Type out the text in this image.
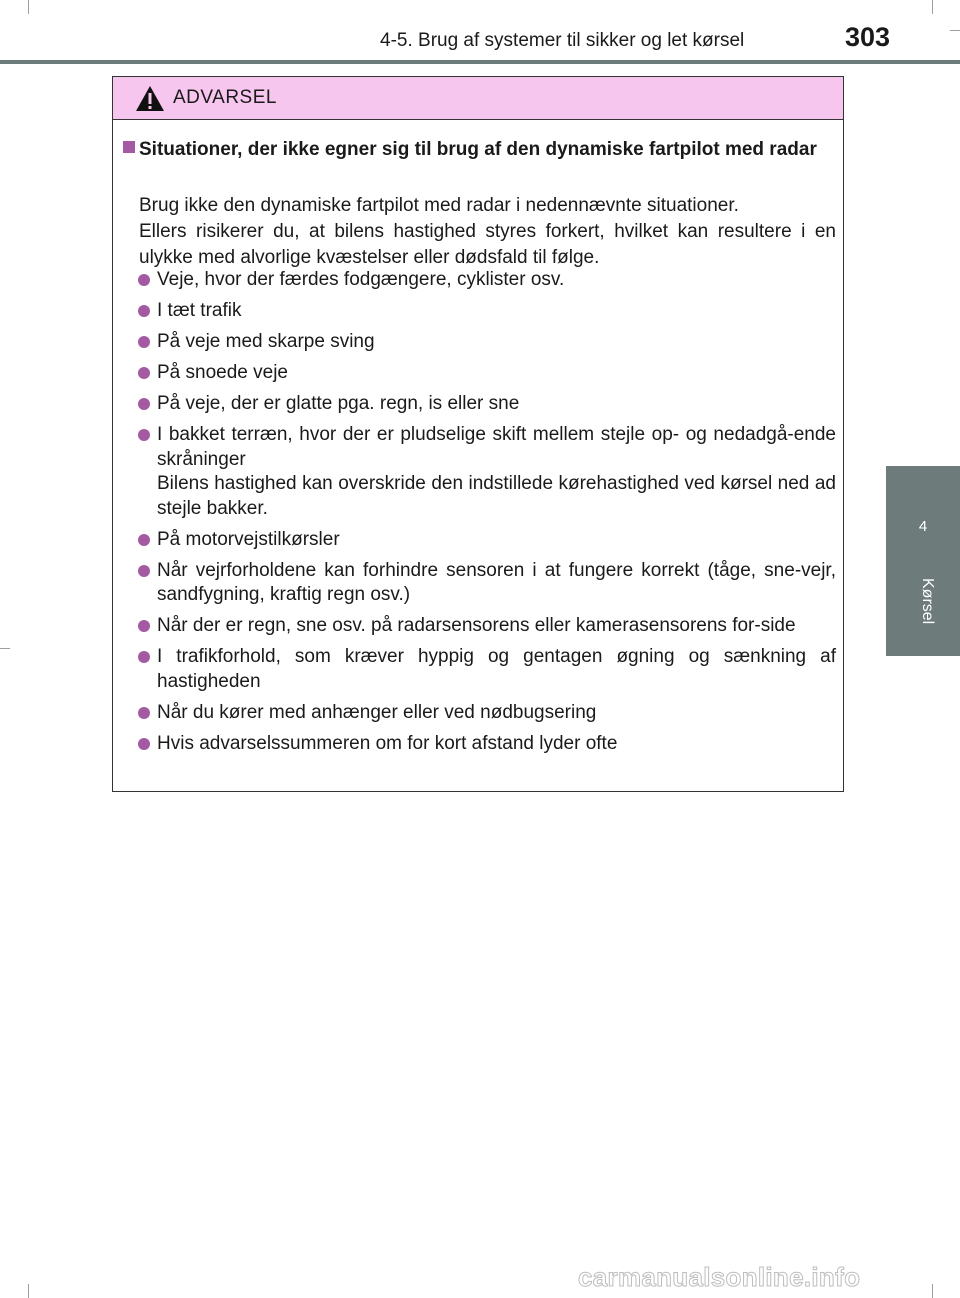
4-5. Brug af systemer til sikker og let kørsel	303
4
Kørsel
ADVARSEL
Situationer, der ikke egner sig til brug af den dynamiske fartpilot med radar
Brug ikke den dynamiske fartpilot med radar i nedennævnte situationer.
Ellers risikerer du, at bilens hastighed styres forkert, hvilket kan resultere i en ulykke med alvorlige kvæstelser eller dødsfald til følge.
Veje, hvor der færdes fodgængere, cyklister osv.
I tæt trafik
På veje med skarpe sving
På snoede veje
På veje, der er glatte pga. regn, is eller sne
I bakket terræn, hvor der er pludselige skift mellem stejle op- og nedadgå-ende skråninger
Bilens hastighed kan overskride den indstillede kørehastighed ved kørsel ned ad stejle bakker.
På motorvejstilkørsler
Når vejrforholdene kan forhindre sensoren i at fungere korrekt (tåge, sne-vejr, sandfygning, kraftig regn osv.)
Når der er regn, sne osv. på radarsensorens eller kamerasensorens for-side
I trafikforhold, som kræver hyppig og gentagen øgning og sænkning af hastigheden
Når du kører med anhænger eller ved nødbugsering
Hvis advarselssummeren om for kort afstand lyder ofte
carmanualsonline.info
